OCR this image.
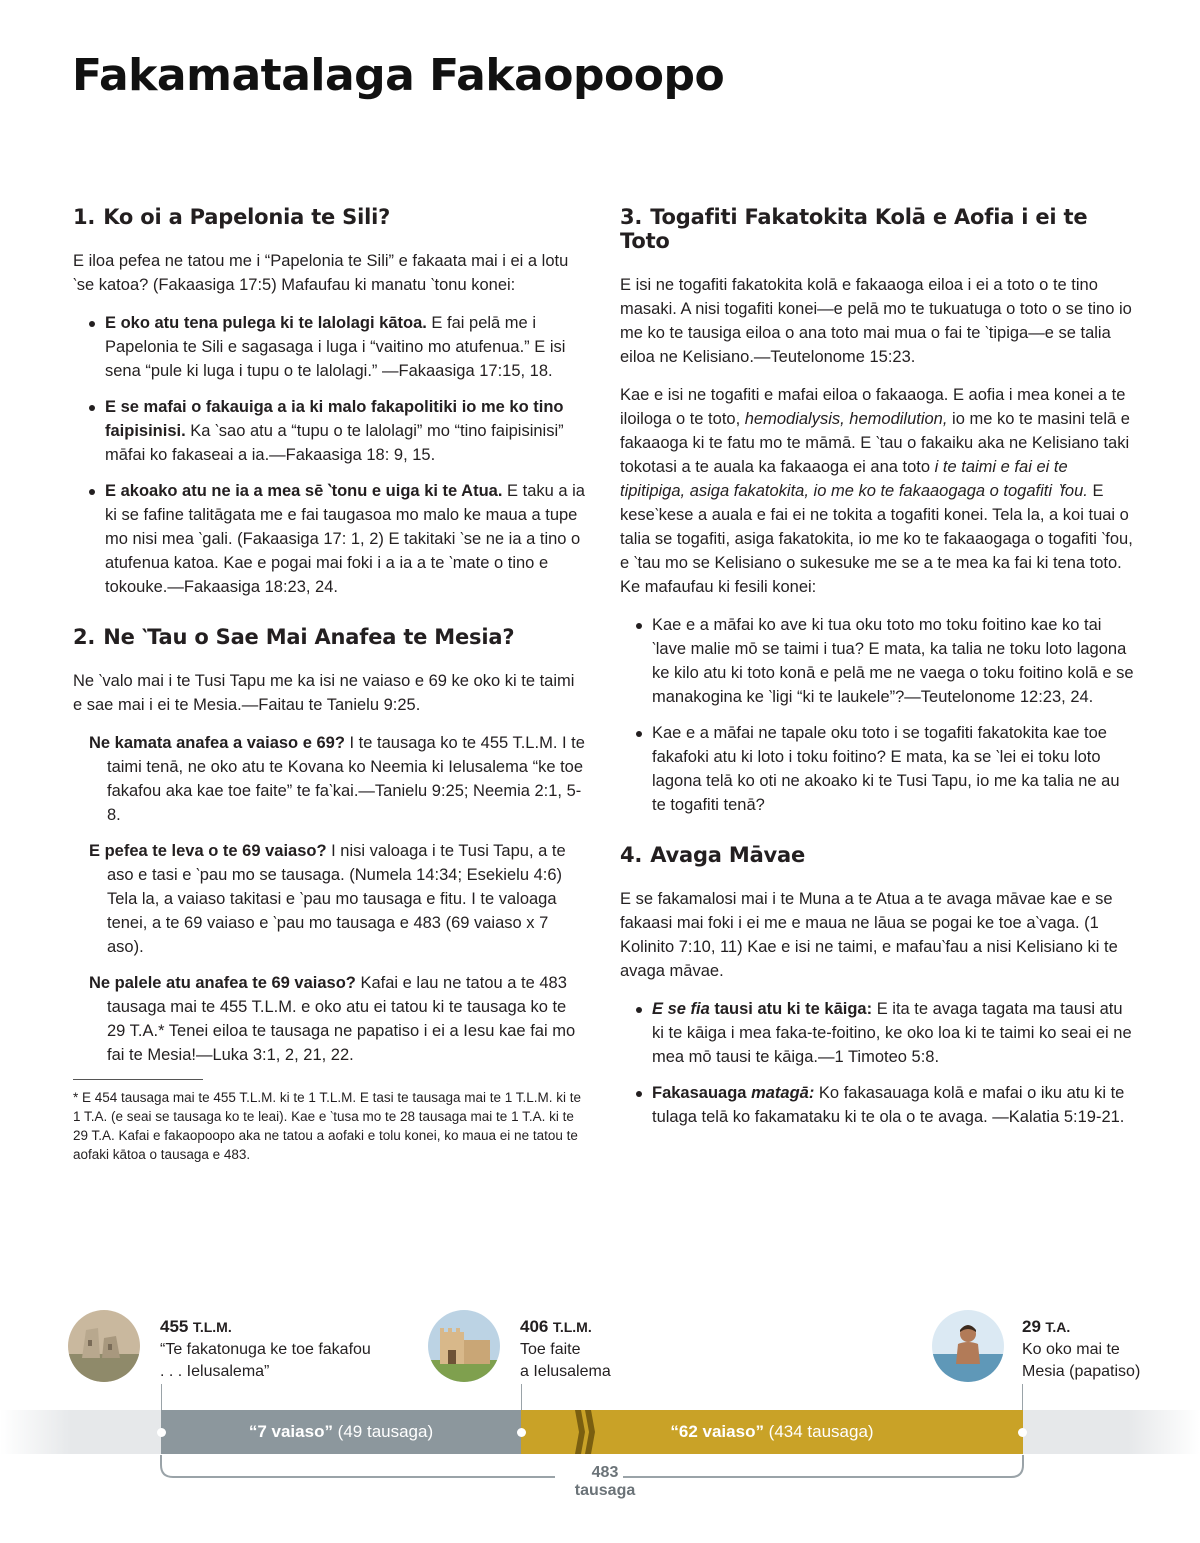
Fakamatalaga Fakaopoopo
1. Ko oi a Papelonia te Sili?

E iloa pefea ne tatou me i “Papelonia te Sili” e fakaata mai i ei a lotu ‵se katoa? (Fakaasiga 17:5) Mafaufau ki manatu ‵tonu konei:

E oko atu tena pulega ki te lalolagi kātoa. E fai pelā me i Papelonia te Sili e sagasaga i luga i “vaitino mo atufenua.” E isi sena “pule ki luga i tupu o te lalolagi.” —Fakaasiga 17:15, 18.
E se mafai o fakauiga a ia ki malo fakapolitiki io me ko tino faipisinisi. Ka ‵sao atu a “tupu o te lalolagi” mo “tino faipisinisi” māfai ko fakaseai a ia.—Fakaasiga 18: 9, 15.
E akoako atu ne ia a mea sē ‵tonu e uiga ki te Atua. E taku a ia ki se fafine talitāgata me e fai taugasoa mo malo ke maua a tupe mo nisi mea ‵gali. (Fakaasiga 17: 1, 2) E takitaki ‵se ne ia a tino o atufenua katoa. Kae e pogai mai foki i a ia a te ‵mate o tino e tokouke.—Fakaasiga 18:23, 24.
2. Ne ‵Tau o Sae Mai Anafea te Mesia?

Ne ‵valo mai i te Tusi Tapu me ka isi ne vaiaso e 69 ke oko ki te taimi e sae mai i ei te Mesia.—Faitau te Tanielu 9:25.

Ne kamata anafea a vaiaso e 69? I te tausaga ko te 455 T.L.M. I te taimi tenā, ne oko atu te Kovana ko Neemia ki Ielusalema “ke toe fakafou aka kae toe faite” te fa‵kai.—Tanielu 9:25; Neemia 2:1, 5-8.

E pefea te leva o te 69 vaiaso? I nisi valoaga i te Tusi Tapu, a te aso e tasi e ‵pau mo se tausaga. (Numela 14:34; Esekielu 4:6) Tela la, a vaiaso takitasi e ‵pau mo tausaga e fitu. I te valoaga tenei, a te 69 vaiaso e ‵pau mo tausaga e 483 (69 vaiaso x 7 aso).

Ne palele atu anafea te 69 vaiaso? Kafai e lau ne tatou a te 483 tausaga mai te 455 T.L.M. e oko atu ei tatou ki te tausaga ko te 29 T.A.* Tenei eiloa te tausaga ne papatiso i ei a Iesu kae fai mo fai te Mesia!—Luka 3:1, 2, 21, 22.

* E 454 tausaga mai te 455 T.L.M. ki te 1 T.L.M. E tasi te tausaga mai te 1 T.L.M. ki te 1 T.A. (e seai se tausaga ko te leai). Kae e ‵tusa mo te 28 tausaga mai te 1 T.A. ki te 29 T.A. Kafai e fakaopoopo aka ne tatou a aofaki e tolu konei, ko maua ei ne tatou te aofaki kātoa o tausaga e 483.

3. Togafiti Fakatokita Kolā e Aofia i ei te Toto

E isi ne togafiti fakatokita kolā e fakaaoga eiloa i ei a toto o te tino masaki. A nisi togafiti konei—e pelā mo te tukuatuga o toto o se tino io me ko te tausiga eiloa o ana toto mai mua o fai te ‵tipiga—e se talia eiloa ne Kelisiano.—Teutelonome 15:23.

Kae e isi ne togafiti e mafai eiloa o fakaaoga. E aofia i mea konei a te iloiloga o te toto, hemodialysis, hemodilution, io me ko te masini telā e fakaaoga ki te fatu mo te māmā. E ‵tau o fakaiku aka ne Kelisiano taki tokotasi a te auala ka fakaaoga ei ana toto i te taimi e fai ei te tipitipiga, asiga fakatokita, io me ko te fakaaogaga o togafiti ‵fou. E kese‵kese a auala e fai ei ne tokita a togafiti konei. Tela la, a koi tuai o talia se togafiti, asiga fakatokita, io me ko te fakaaogaga o togafiti ‵fou, e ‵tau mo se Kelisiano o sukesuke me se a te mea ka fai ki tena toto. Ke mafaufau ki fesili konei:

Kae e a māfai ko ave ki tua oku toto mo toku foitino kae ko tai ‵lave malie mō se taimi i tua? E mata, ka talia ne toku loto lagona ke kilo atu ki toto konā e pelā me ne vaega o toku foitino kolā e se manakogina ke ‵ligi “ki te laukele”?—Teutelonome 12:23, 24.
Kae e a māfai ne tapale oku toto i se togafiti fakatokita kae toe fakafoki atu ki loto i toku foitino? E mata, ka se ‵lei ei toku loto lagona telā ko oti ne akoako ki te Tusi Tapu, io me ka talia ne au te togafiti tenā?
4. Avaga Māvae

E se fakamalosi mai i te Muna a te Atua a te avaga māvae kae e se fakaasi mai foki i ei me e maua ne lāua se pogai ke toe a‵vaga. (1 Kolinito 7:10, 11) Kae e isi ne taimi, e mafau‵fau a nisi Kelisiano ki te avaga māvae.

E se fia tausi atu ki te kāiga: E ita te avaga tagata ma tausi atu ki te kāiga i mea faka-te-foitino, ke oko loa ki te taimi ko seai ei ne mea mō tausi te kāiga.—1 Timoteo 5:8.
Fakasauaga matagā: Ko fakasauaga kolā e mafai o iku atu ki te tulaga telā ko fakamataku ki te ola o te avaga. —Kalatia 5:19-21.
“7 vaiaso” (49 tausaga)	“62 vaiaso” (434 tausaga)
483
tausaga
455 T.L.M.
“Te fakatonuga ke toe fakafou
. . . Ielusalema”
406 T.L.M.
Toe faite
a Ielusalema
29 T.A.
Ko oko mai te
Mesia (papatiso)
